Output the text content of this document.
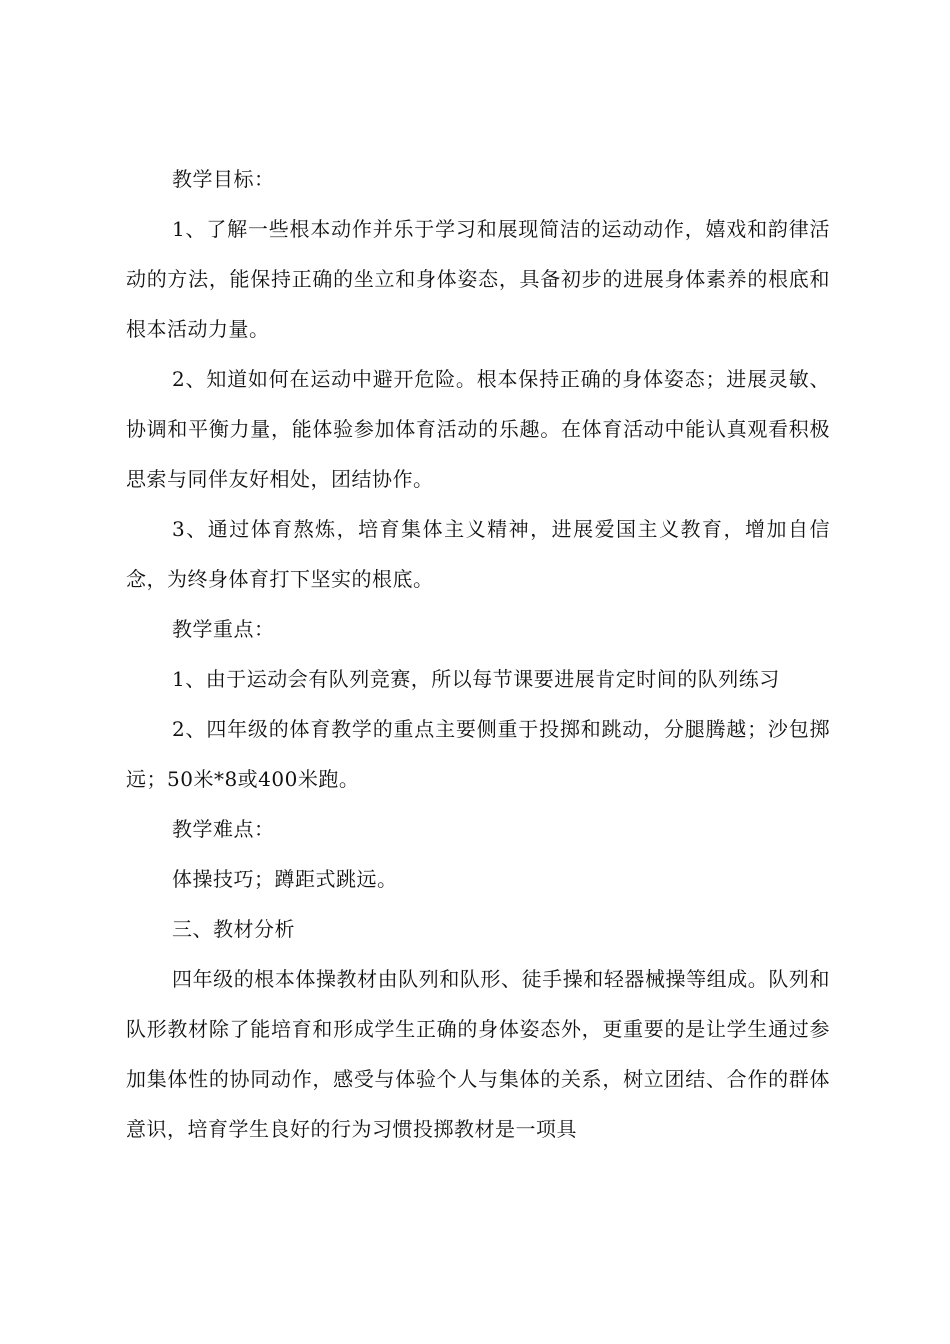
教学目标：

1、了解一些根本动作并乐于学习和展现简洁的运动动作，嬉戏和韵律活动的方法，能保持正确的坐立和身体姿态，具备初步的进展身体素养的根底和根本活动力量。

2、知道如何在运动中避开危险。根本保持正确的身体姿态；进展灵敏、协调和平衡力量，能体验参加体育活动的乐趣。在体育活动中能认真观看积极思索与同伴友好相处，团结协作。

3、通过体育熬炼，培育集体主义精神，进展爱国主义教育，增加自信念，为终身体育打下坚实的根底。

教学重点：

1、由于运动会有队列竞赛，所以每节课要进展肯定时间的队列练习

2、四年级的体育教学的重点主要侧重于投掷和跳动，分腿腾越；沙包掷远；50米*8或400米跑。

教学难点：

体操技巧；蹲距式跳远。

三、教材分析

四年级的根本体操教材由队列和队形、徒手操和轻器械操等组成。队列和队形教材除了能培育和形成学生正确的身体姿态外，更重要的是让学生通过参加集体性的协同动作，感受与体验个人与集体的关系，树立团结、合作的群体意识，培育学生良好的行为习惯投掷教材是一项具
